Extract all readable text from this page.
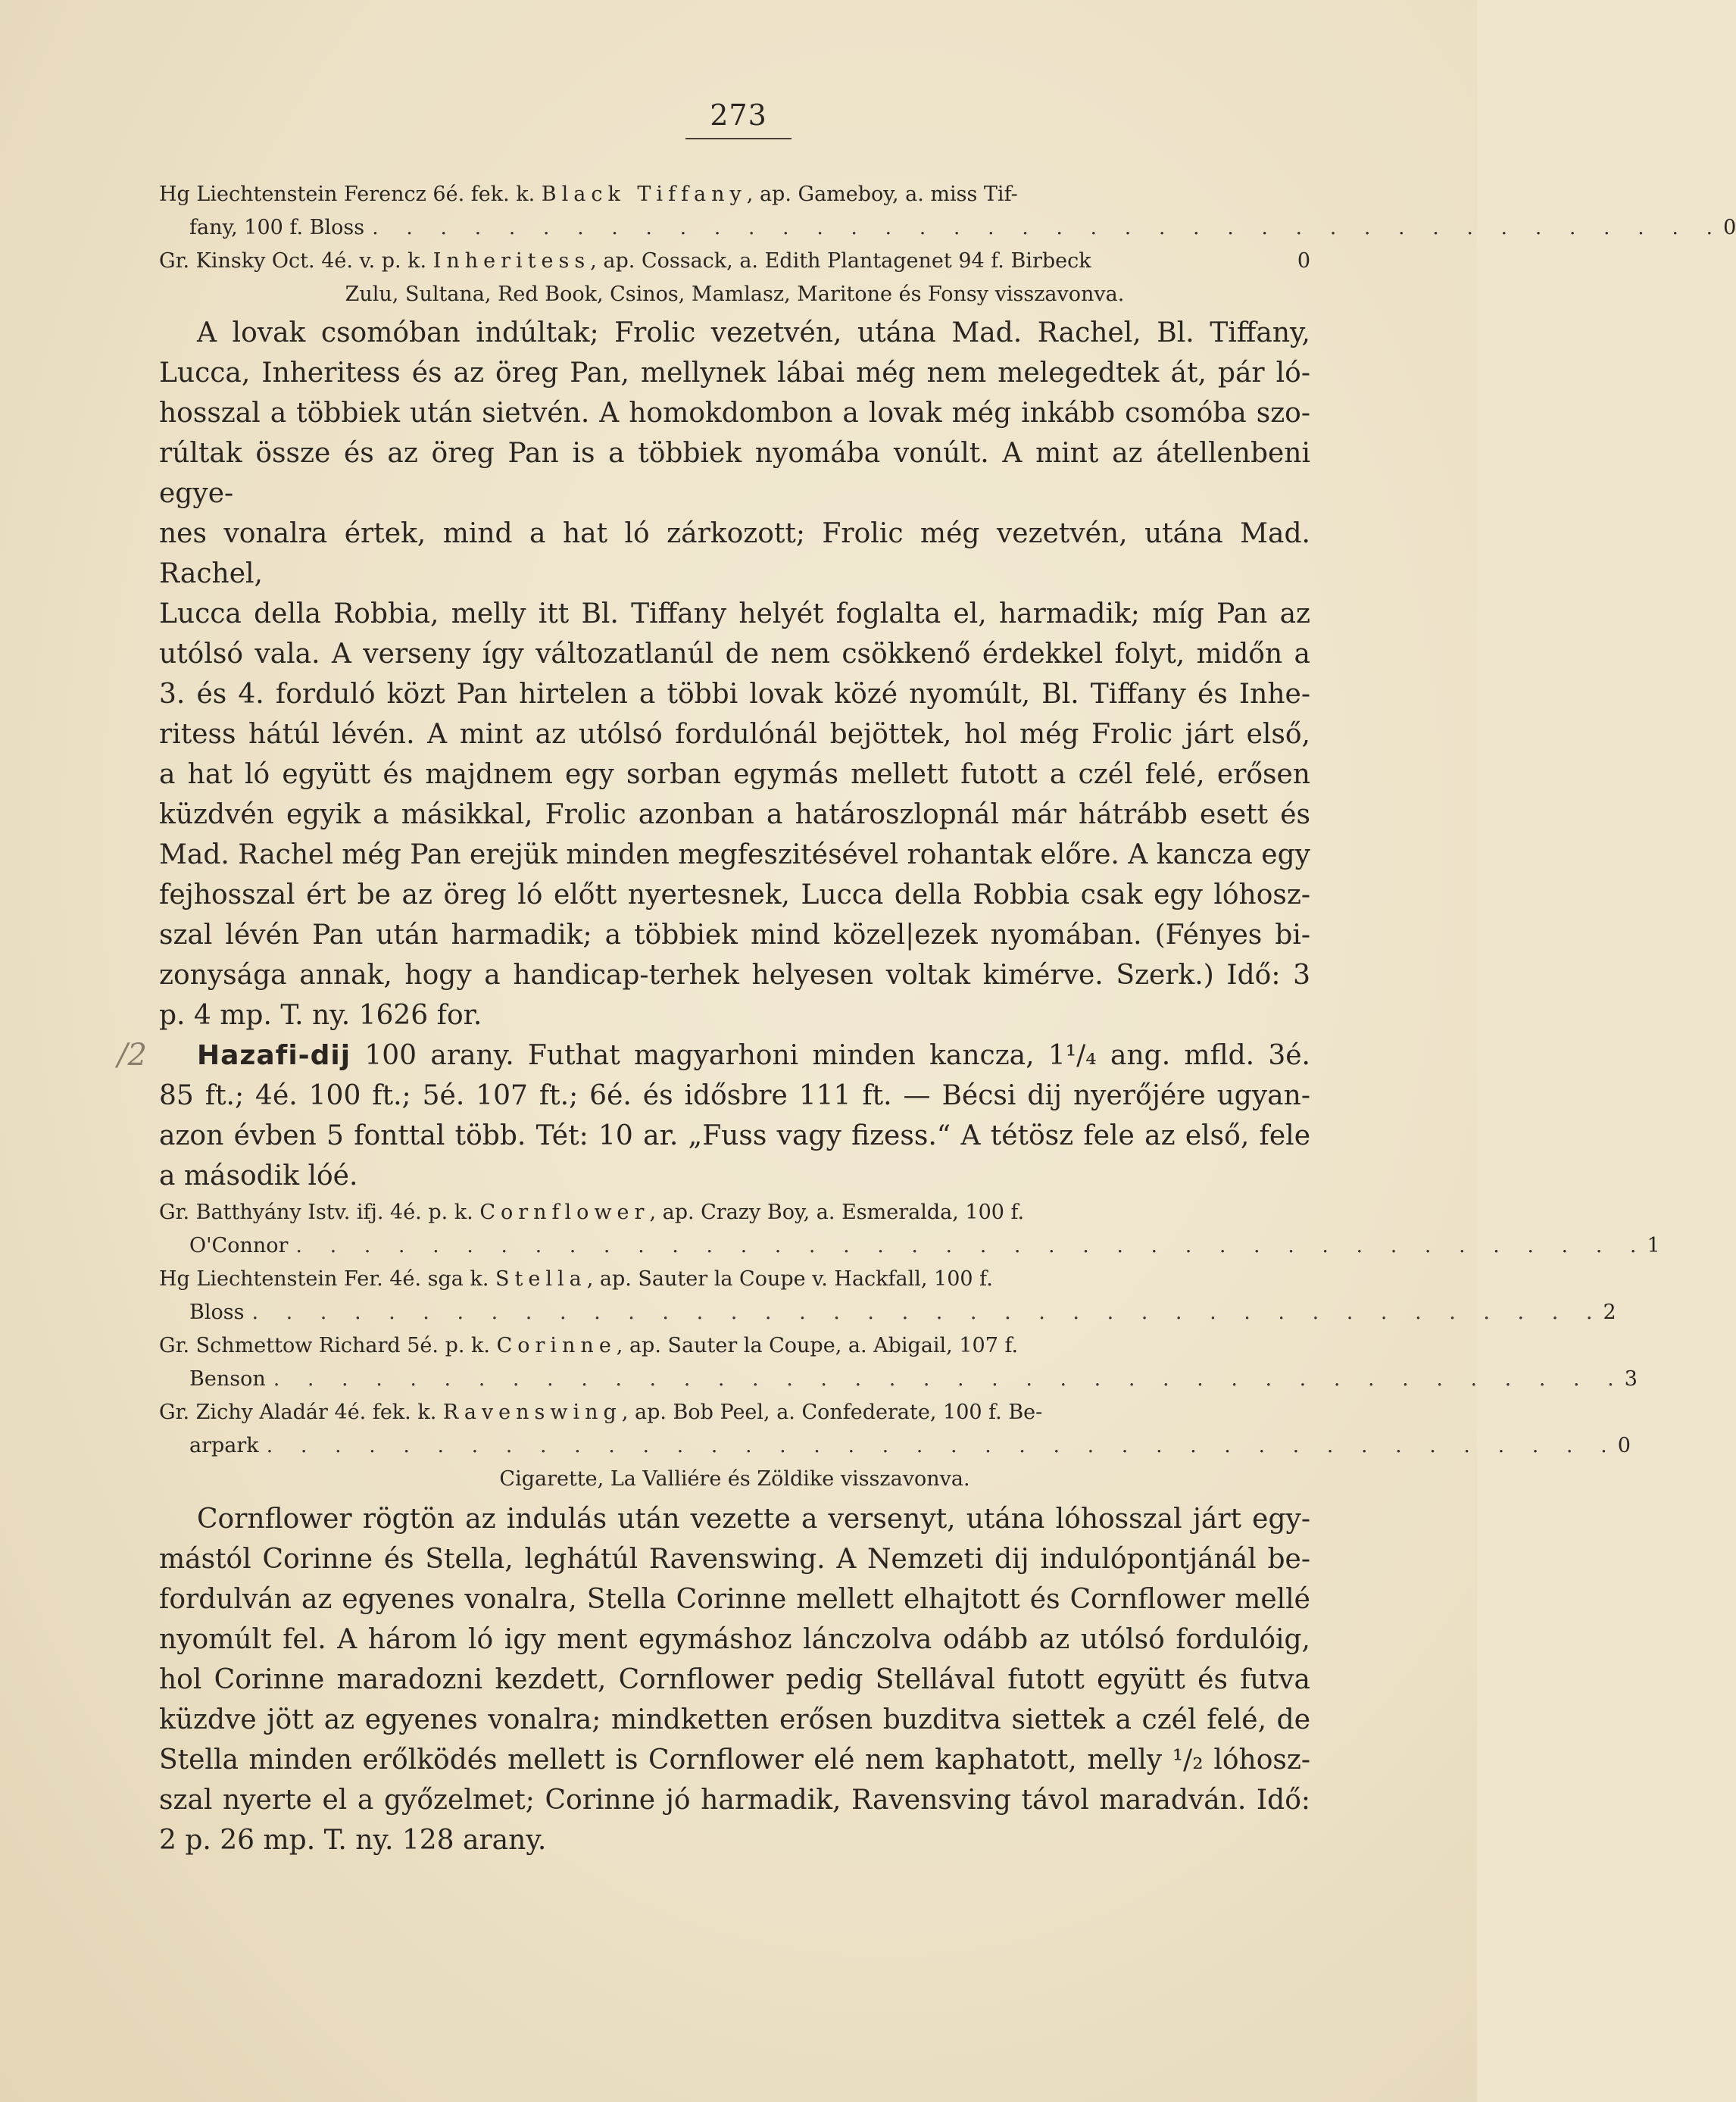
273
Hg Liechtenstein Ferencz 6é. fek. k. Black Tiffany, ap. Gameboy, a. miss Tif-
fany, 100 f. Bloss . . . . . . . . . . . . . . . . . . . . . . . . . . . . . . . . . . . . . . . . 0
Gr. Kinsky Oct. 4é. v. p. k. Inheritess, ap. Cossack, a. Edith Plantagenet 94 f. Birbeck	0
Zulu, Sultana, Red Book, Csinos, Mamlasz, Maritone és Fonsy visszavonva.
A lovak csomóban indúltak; Frolic vezetvén, utána Mad. Rachel, Bl. Tiffany,
Lucca, Inheritess és az öreg Pan, mellynek lábai még nem melegedtek át, pár ló-
hosszal a többiek után sietvén. A homokdombon a lovak még inkább csomóba szo-
rúltak össze és az öreg Pan is a többiek nyomába vonúlt. A mint az átellenbeni egye-
nes vonalra értek, mind a hat ló zárkozott; Frolic még vezetvén, utána Mad. Rachel,
Lucca della Robbia, melly itt Bl. Tiffany helyét foglalta el, harmadik; míg Pan az
utólsó vala. A verseny így változatlanúl de nem csökkenő érdekkel folyt, midőn a
3. és 4. forduló közt Pan hirtelen a többi lovak közé nyomúlt, Bl. Tiffany és Inhe-
ritess hátúl lévén. A mint az utólsó fordulónál bejöttek, hol még Frolic járt első,
a hat ló együtt és majdnem egy sorban egymás mellett futott a czél felé, erősen
küzdvén egyik a másikkal, Frolic azonban a határoszlopnál már hátrább esett és
Mad. Rachel még Pan erejük minden megfeszitésével rohantak előre. A kancza egy
fejhosszal ért be az öreg ló előtt nyertesnek, Lucca della Robbia csak egy lóhosz-
szal lévén Pan után harmadik; a többiek mind közel|ezek nyomában. (Fényes bi-
zonysága annak, hogy a handicap-terhek helyesen voltak kimérve. Szerk.) Idő: 3
p. 4 mp. T. ny. 1626 for.
/2	Hazafi-dij 100 arany. Futhat magyarhoni minden kancza, 1¹/₄ ang. mfld. 3é.
85 ft.; 4é. 100 ft.; 5é. 107 ft.; 6é. és idősbre 111 ft. — Bécsi dij nyerőjére ugyan-
azon évben 5 fonttal több. Tét: 10 ar. „Fuss vagy fizess.“ A tétösz fele az első, fele
a második lóé.
Gr. Batthyány Istv. ifj. 4é. p. k. Cornflower, ap. Crazy Boy, a. Esmeralda, 100 f.
O'Connor . . . . . . . . . . . . . . . . . . . . . . . . . . . . . . . . . . . . . . . . 1
Hg Liechtenstein Fer. 4é. sga k. Stella, ap. Sauter la Coupe v. Hackfall, 100 f.
Bloss . . . . . . . . . . . . . . . . . . . . . . . . . . . . . . . . . . . . . . . . 2
Gr. Schmettow Richard 5é. p. k. Corinne, ap. Sauter la Coupe, a. Abigail, 107 f.
Benson . . . . . . . . . . . . . . . . . . . . . . . . . . . . . . . . . . . . . . . . 3
Gr. Zichy Aladár 4é. fek. k. Ravenswing, ap. Bob Peel, a. Confederate, 100 f. Be-
arpark . . . . . . . . . . . . . . . . . . . . . . . . . . . . . . . . . . . . . . . . 0
Cigarette, La Valliére és Zöldike visszavonva.
Cornflower rögtön az indulás után vezette a versenyt, utána lóhosszal járt egy-
mástól Corinne és Stella, leghátúl Ravenswing. A Nemzeti dij indulópontjánál be-
fordulván az egyenes vonalra, Stella Corinne mellett elhajtott és Cornflower mellé
nyomúlt fel. A három ló igy ment egymáshoz lánczolva odább az utólsó fordulóig,
hol Corinne maradozni kezdett, Cornflower pedig Stellával futott együtt és futva
küzdve jött az egyenes vonalra; mindketten erősen buzditva siettek a czél felé, de
Stella minden erőlködés mellett is Cornflower elé nem kaphatott, melly ¹/₂ lóhosz-
szal nyerte el a győzelmet; Corinne jó harmadik, Ravensving távol maradván. Idő:
2 p. 26 mp. T. ny. 128 arany.
